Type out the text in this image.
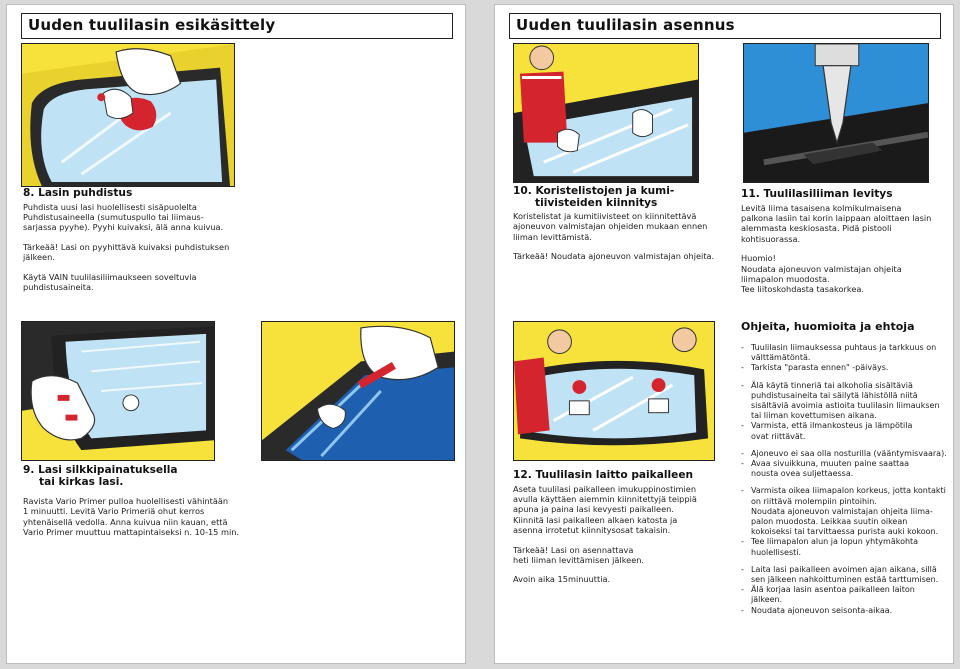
Uuden tuulilasin esikäsittely
8. Lasin puhdistus

Puhdista uusi lasi huolellisesti sisäpuolelta

Puhdistusaineella (sumutuspullo tai liimaus-

sarjassa pyyhe). Pyyhi kuivaksi, älä anna kuivua.

Tärkeää! Lasi on pyyhittävä kuivaksi puhdistuksen

jälkeen.

Käytä VAIN tuulilasiliimaukseen soveltuvia

puhdistusaineita.

9. Lasi silkkipainatuksella
tai kirkas lasi.

Ravista Vario Primer pulloa huolellisesti vähintään

1 minuutti. Levitä Vario Primeriä ohut kerros

yhtenäisellä vedolla. Anna kuivua niin kauan, että

Vario Primer muuttuu mattapintaiseksi n. 10-15 min.

Uuden tuulilasin asennus
10. Koristelistojen ja kumi-
tiivisteiden kiinnitys

Koristelistat ja kumitiivisteet on kiinnitettävä

ajoneuvon valmistajan ohjeiden mukaan ennen

liiman levittämistä.

Tärkeää! Noudata ajoneuvon valmistajan ohjeita.

11. Tuulilasiliiman levitys

Levitä liima tasaisena kolmikulmaisena

palkona lasiin tai korin laippaan aloittaen lasin

alemmasta keskiosasta. Pidä pistooli kohtisuorassa.

Huomio!

Noudata ajoneuvon valmistajan ohjeita

liimapalon muodosta.

Tee liitoskohdasta tasakorkea.

12. Tuulilasin laitto paikalleen

Aseta tuulilasi paikalleen imukuppinostimien

avulla käyttäen aiemmin kiinnitettyjä teippiä

apuna ja paina lasi kevyesti paikalleen.

Kiinnitä lasi paikalleen alkaen katosta ja

asenna irrotetut kiinnitysosat takaisin.

Tärkeää! Lasi on asennattava

heti liiman levittämisen jälkeen.

Avoin aika 15minuuttia.

Ohjeita, huomioita ja ehtoja
- Tuulilasin liimauksessa puhtaus ja tarkkuus on
välttämätöntä.
- Tarkista "parasta ennen" -päiväys.
- Älä käytä tinneriä tai alkoholia sisältäviä
puhdistusaineita tai säilytä lähistöllä niitä
sisältäviä avoimia astioita tuulilasin liimauksen
tai liiman kovettumisen aikana.
- Varmista, että ilmankosteus ja lämpötila
ovat riittävät.
- Ajoneuvo ei saa olla nosturilla (vääntymisvaara).
- Avaa sivuikkuna, muuten paine saattaa
nousta ovea suljettaessa.
- Varmista oikea liimapalon korkeus, jotta kontakti
on riittävä molempiin pintoihin.
Noudata ajoneuvon valmistajan ohjeita liima-
palon muodosta. Leikkaa suutin oikean
kokoiseksi tai tarvittaessa purista auki kokoon.
- Tee liimapalon alun ja lopun yhtymäkohta
huolellisesti.
- Laita lasi paikalleen avoimen ajan aikana, sillä
sen jälkeen nahkoittuminen estää tarttumisen.
- Älä korjaa lasin asentoa paikalleen laiton
jälkeen.
- Noudata ajoneuvon seisonta-aikaa.
